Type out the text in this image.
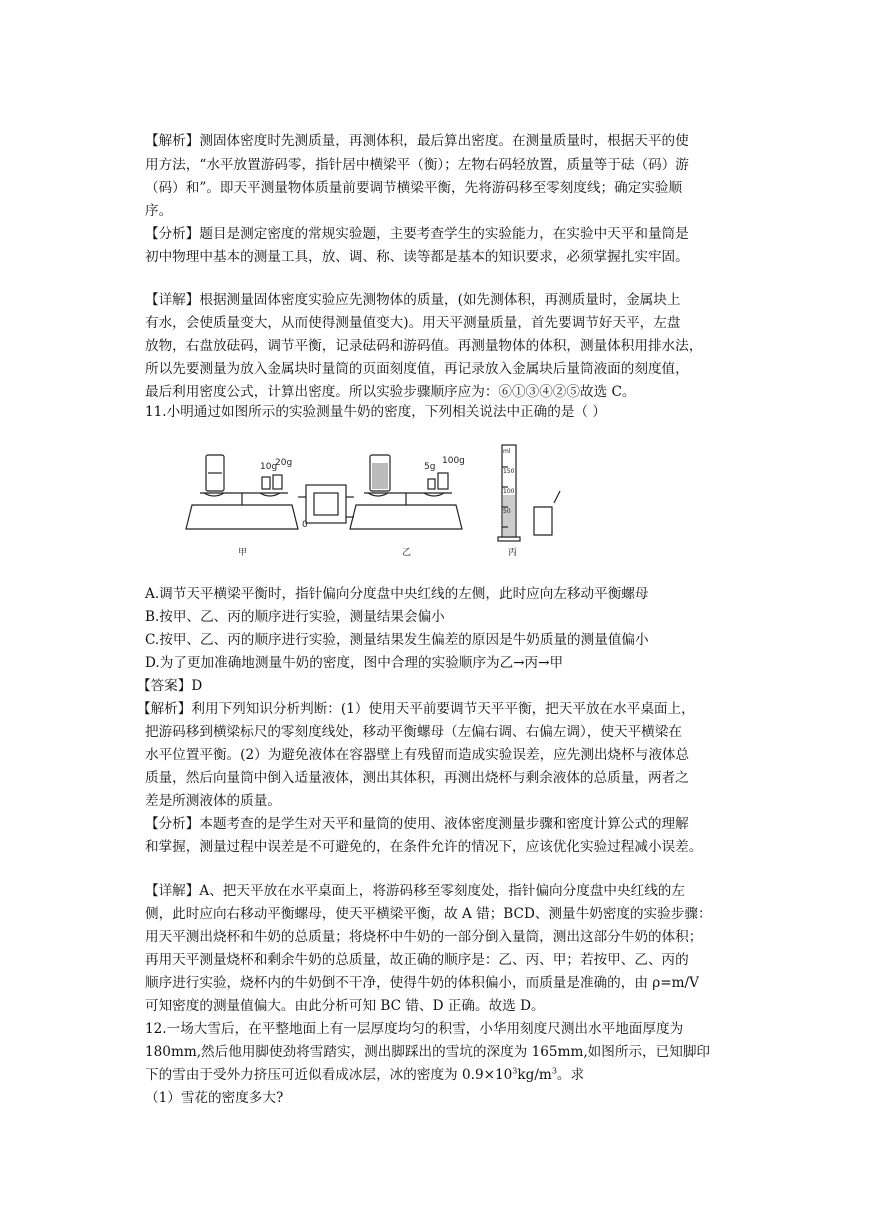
【解析】测固体密度时先测质量，再测体积，最后算出密度。在测量质量时，根据天平的使
用方法，“水平放置游码零，指针居中横梁平（衡）；左物右码轻放置，质量等于砝（码）游
（码）和”。即天平测量物体质量前要调节横梁平衡，先将游码移至零刻度线；确定实验顺
序。
【分析】题目是测定密度的常规实验题，主要考查学生的实验能力，在实验中天平和量筒是
初中物理中基本的测量工具，放、调、称、读等都是基本的知识要求，必须掌握扎实牢固。
【详解】根据测量固体密度实验应先测物体的质量，(如先测体积，再测质量时，金属块上
有水，会使质量变大，从而使得测量值变大)。用天平测量质量，首先要调节好天平，左盘
放物，右盘放砝码，调节平衡，记录砝码和游码值。再测量物体的体积，测量体积用排水法，
所以先要测量为放入金属块时量筒的页面刻度值，再记录放入金属块后量筒液面的刻度值，
最后利用密度公式，计算出密度。所以实验步骤顺序应为：⑥①③④②⑤故选 C。
11.小明通过如图所示的实验测量牛奶的密度，下列相关说法中正确的是（ ）
10g
20g
0
5g
100g
ml
150
100
50
甲	乙	丙
A.调节天平横梁平衡时，指针偏向分度盘中央红线的左侧，此时应向左移动平衡螺母
B.按甲、乙、丙的顺序进行实验，测量结果会偏小
C.按甲、乙、丙的顺序进行实验，测量结果发生偏差的原因是牛奶质量的测量值偏小
D.为了更加准确地测量牛奶的密度，图中合理的实验顺序为乙→丙→甲
【答案】D
【解析】利用下列知识分析判断：(1）使用天平前要调节天平平衡，把天平放在水平桌面上，
把游码移到横梁标尺的零刻度线处，移动平衡螺母（左偏右调、右偏左调），使天平横梁在
水平位置平衡。(2）为避免液体在容器壁上有残留而造成实验误差，应先测出烧杯与液体总
质量，然后向量筒中倒入适量液体，测出其体积，再测出烧杯与剩余液体的总质量，两者之
差是所测液体的质量。
【分析】本题考查的是学生对天平和量筒的使用、液体密度测量步骤和密度计算公式的理解
和掌握，测量过程中误差是不可避免的，在条件允许的情况下，应该优化实验过程减小误差。
【详解】A、把天平放在水平桌面上，将游码移至零刻度处，指针偏向分度盘中央红线的左
侧，此时应向右移动平衡螺母，使天平横梁平衡，故 A 错；BCD、测量牛奶密度的实验步骤：
用天平测出烧杯和牛奶的总质量；将烧杯中牛奶的一部分倒入量筒，测出这部分牛奶的体积；
再用天平测量烧杯和剩余牛奶的总质量，故正确的顺序是：乙、丙、甲；若按甲、乙、丙的
顺序进行实验，烧杯内的牛奶倒不干净，使得牛奶的体积偏小，而质量是准确的，由 ρ=m/V
可知密度的测量值偏大。由此分析可知 BC 错、D 正确。故选 D。
12.一场大雪后，在平整地面上有一层厚度均匀的积雪，小华用刻度尺测出水平地面厚度为
180mm,然后他用脚使劲将雪踏实，测出脚踩出的雪坑的深度为 165mm,如图所示，已知脚印
下的雪由于受外力挤压可近似看成冰层，冰的密度为 $0.9\times 10^3kg/m^3$。求
（1）雪花的密度多大?
